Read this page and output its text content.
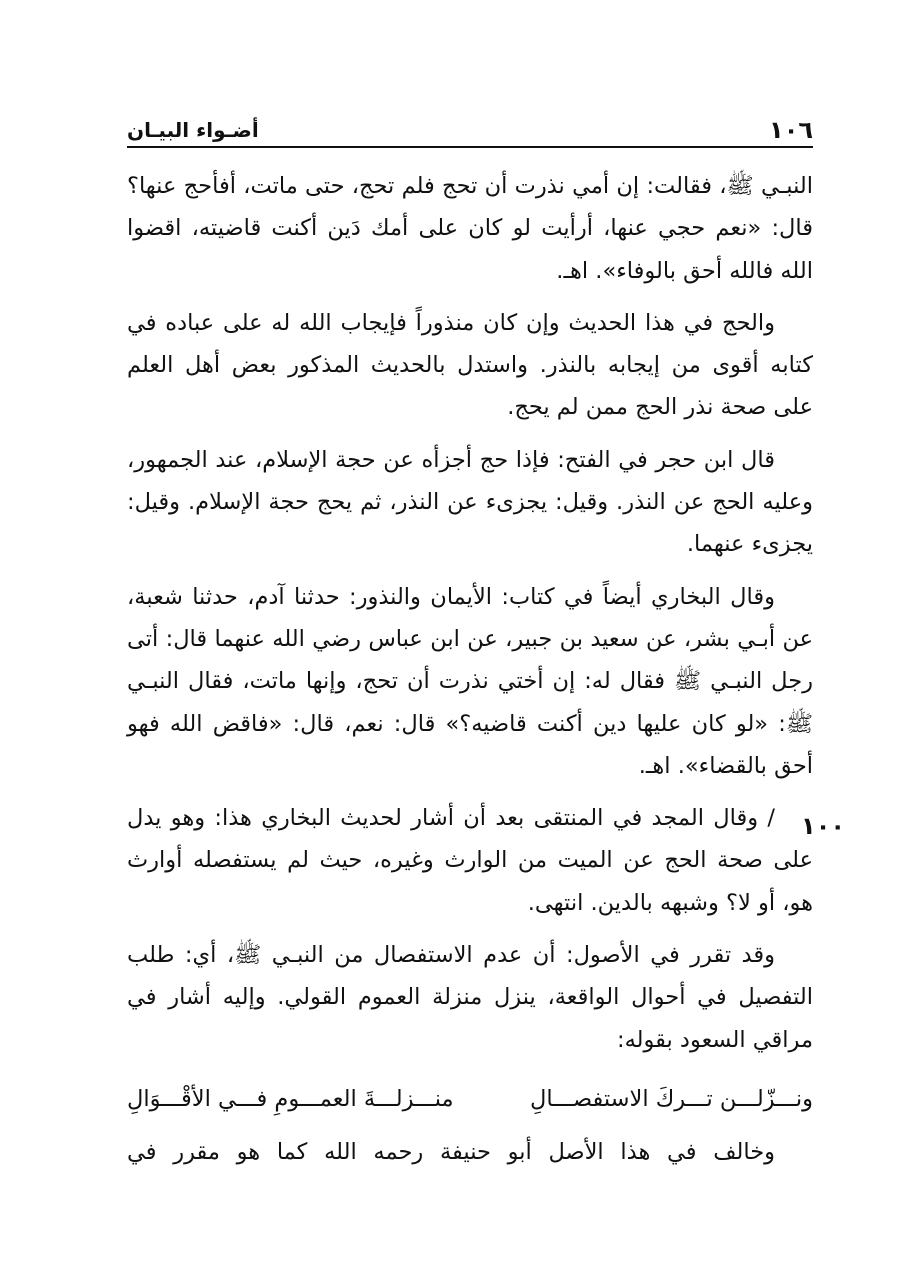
١٠٦
أضـواء البيـان

النبـي ﷺ، فقالت: إن أمي نذرت أن تحج فلم تحج، حتى ماتت، أفأحج عنها؟ قال: «نعم حجي عنها، أرأيت لو كان على أمك دَين أكنت قاضيته، اقضوا الله فالله أحق بالوفاء». اهـ.

والحج في هذا الحديث وإن كان منذوراً فإيجاب الله له على عباده في كتابه أقوى من إيجابه بالنذر. واستدل بالحديث المذكور بعض أهل العلم على صحة نذر الحج ممن لم يحج.

قال ابن حجر في الفتح: فإذا حج أجزأه عن حجة الإسلام، عند الجمهور، وعليه الحج عن النذر. وقيل: يجزىء عن النذر، ثم يحج حجة الإسلام. وقيل: يجزىء عنهما.

وقال البخاري أيضاً في كتاب: الأيمان والنذور: حدثنا آدم، حدثنا شعبة، عن أبـي بشر، عن سعيد بن جبير، عن ابن عباس رضي الله عنهما قال: أتى رجل النبـي ﷺ فقال له: إن أختي نذرت أن تحج، وإنها ماتت، فقال النبـي ﷺ: «لو كان عليها دين أكنت قاضيه؟» قال: نعم، قال: «فاقض الله فهو أحق بالقضاء». اهـ.

/ وقال المجد في المنتقى بعد أن أشار لحديث البخاري هذا: وهو يدل على صحة الحج عن الميت من الوارث وغيره، حيث لم يستفصله أوارث هو، أو لا؟ وشبهه بالدين. انتهى.

وقد تقرر في الأصول: أن عدم الاستفصال من النبـي ﷺ، أي: طلب التفصيل في أحوال الواقعة، ينزل منزلة العموم القولي. وإليه أشار في مراقي السعود بقوله:

١٠٠
ونـــزّلـــن تـــركَ الاستفصـــالِ
منـــزلـــةَ العمـــومِ فـــي الأقْـــوَالِ
وخالف في هذا الأصل أبو حنيفة رحمه الله كما هو مقرر في
